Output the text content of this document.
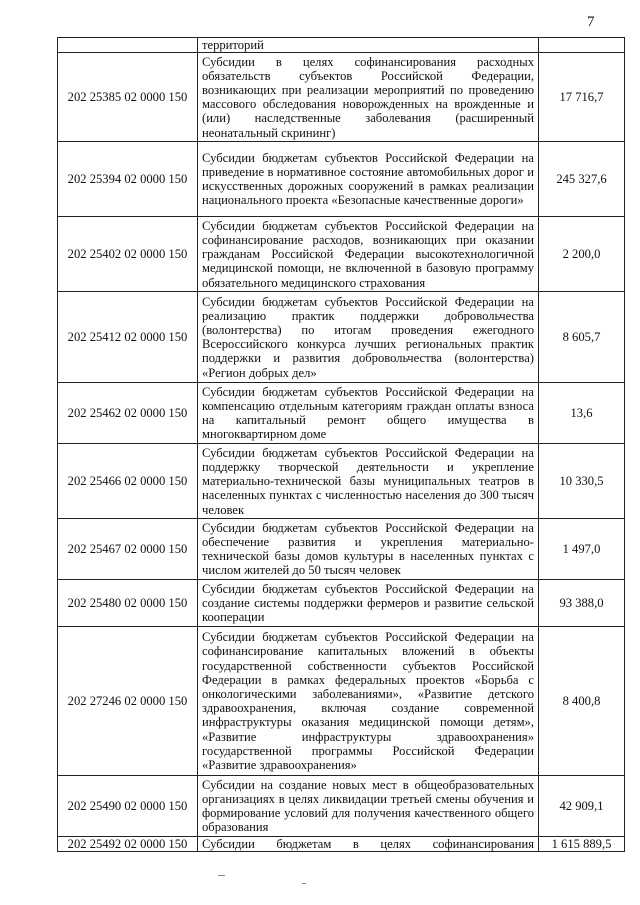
7
	территорий	
202 25385 02 0000 150	Субсидии в целях софинансирования расходных обязательств субъектов Российской Федерации, возникающих при реализации мероприятий по проведению массового обследования новорожденных на врожденные и (или) наследственные заболевания (расширенный неонатальный скрининг)	17 716,7
202 25394 02 0000 150	Субсидии бюджетам субъектов Российской Федерации на приведение в нормативное состояние автомобильных дорог и искусственных дорожных сооружений в рамках реализации национального проекта «Безопасные качественные дороги»	245 327,6
202 25402 02 0000 150	Субсидии бюджетам субъектов Российской Федерации на софинансирование расходов, возникающих при оказании гражданам Российской Федерации высокотехнологичной медицинской помощи, не включенной в базовую программу обязательного медицинского страхования	2 200,0
202 25412 02 0000 150	Субсидии бюджетам субъектов Российской Федерации на реализацию практик поддержки добровольчества (волонтерства) по итогам проведения ежегодного Всероссийского конкурса лучших региональных практик поддержки и развития добровольчества (волонтерства) «Регион добрых дел»	8 605,7
202 25462 02 0000 150	Субсидии бюджетам субъектов Российской Федерации на компенсацию отдельным категориям граждан оплаты взноса на капитальный ремонт общего имущества в многоквартирном доме	13,6
202 25466 02 0000 150	Субсидии бюджетам субъектов Российской Федерации на поддержку творческой деятельности и укрепление материально-технической базы муниципальных театров в населенных пунктах с численностью населения до 300 тысяч человек	10 330,5
202 25467 02 0000 150	Субсидии бюджетам субъектов Российской Федерации на обеспечение развития и укрепления материально-технической базы домов культуры в населенных пунктах с числом жителей до 50 тысяч человек	1 497,0
202 25480 02 0000 150	Субсидии бюджетам субъектов Российской Федерации на создание системы поддержки фермеров и развитие сельской кооперации	93 388,0
202 27246 02 0000 150	Субсидии бюджетам субъектов Российской Федерации на софинансирование капитальных вложений в объекты государственной собственности субъектов Российской Федерации в рамках федеральных проектов «Борьба с онкологическими заболеваниями», «Развитие детского здравоохранения, включая создание современной инфраструктуры оказания медицинской помощи детям», «Развитие инфраструктуры здравоохранения» государственной программы Российской Федерации «Развитие здравоохранения»	8 400,8
202 25490 02 0000 150	Субсидии на создание новых мест в общеобразовательных организациях в целях ликвидации третьей смены обучения и формирование условий для получения качественного общего образования	42 909,1
202 25492 02 0000 150	Субсидии бюджетам в целях софинансирования	1 615 889,5
